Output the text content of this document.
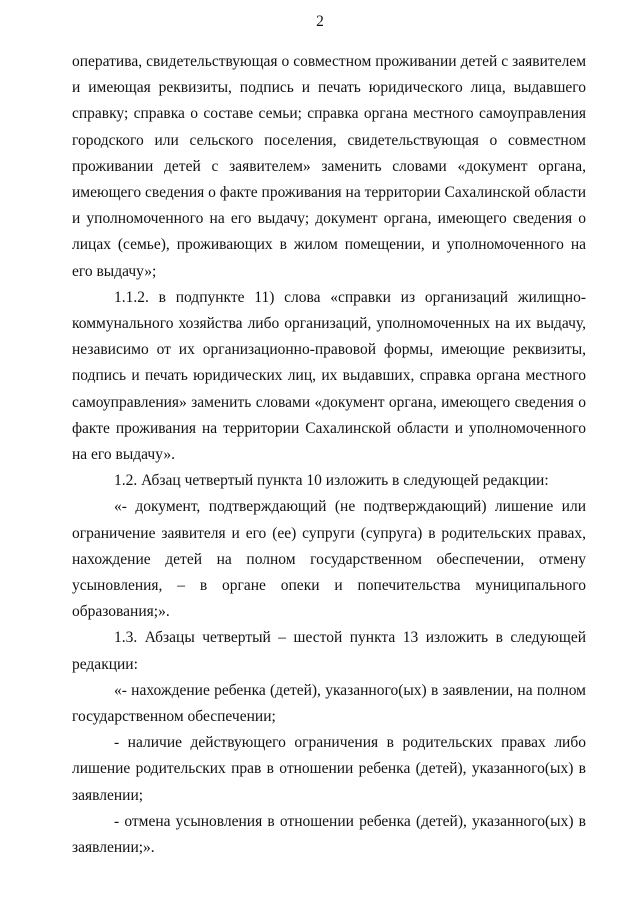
2

оператива, свидетельствующая о совместном проживании детей с заявителем и имеющая реквизиты, подпись и печать юридического лица, выдавшего справку; справка о составе семьи; справка органа местного самоуправления городского или сельского поселения, свидетельствующая о совместном проживании детей с заявителем» заменить словами «документ органа, имеющего сведения о факте проживания на территории Сахалинской области и уполномоченного на его выдачу; документ органа, имеющего сведения о лицах (семье), проживающих в жилом помещении, и уполномоченного на его выдачу»;

1.1.2. в подпункте 11) слова «справки из организаций жилищно-коммунального хозяйства либо организаций, уполномоченных на их выдачу, независимо от их организационно-правовой формы, имеющие реквизиты, подпись и печать юридических лиц, их выдавших, справка органа местного самоуправления» заменить словами «документ органа, имеющего сведения о факте проживания на территории Сахалинской области и уполномоченного на его выдачу».

1.2. Абзац четвертый пункта 10 изложить в следующей редакции:

«- документ, подтверждающий (не подтверждающий) лишение или ограничение заявителя и его (ее) супруги (супруга) в родительских правах, нахождение детей на полном государственном обеспечении, отмену усыновления, – в органе опеки и попечительства муниципального образования;».

1.3. Абзацы четвертый – шестой пункта 13 изложить в следующей редакции:

«- нахождение ребенка (детей), указанного(ых) в заявлении, на полном государственном обеспечении;

- наличие действующего ограничения в родительских правах либо лишение родительских прав в отношении ребенка (детей), указанного(ых) в заявлении;

- отмена усыновления в отношении ребенка (детей), указанного(ых) в заявлении;».
